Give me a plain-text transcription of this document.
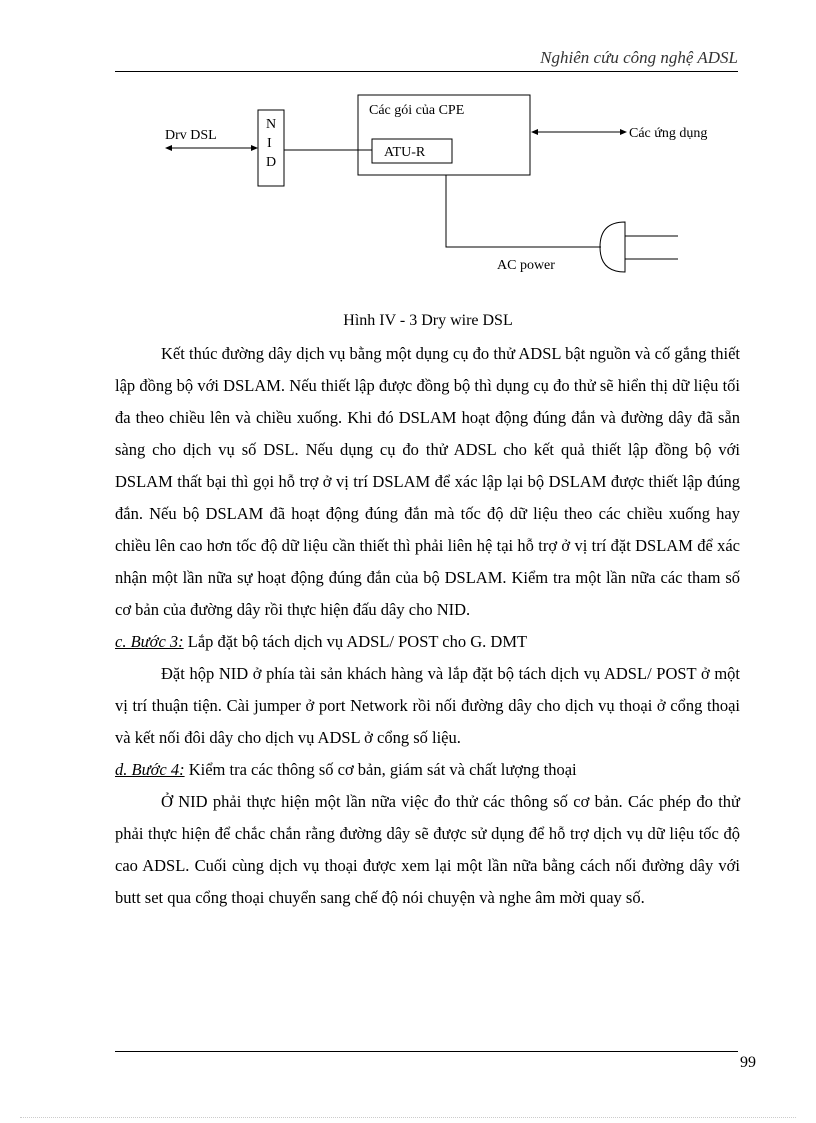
Nghiên cứu công nghệ ADSL
Drv DSL
N
I
D
Các gói của CPE
ATU-R
Các ứng dụng
AC power
Hình IV - 3 Dry wire DSL

Kết thúc đường dây dịch vụ bằng một dụng cụ đo thử ADSL bật nguồn và cố gắng thiết lập đồng bộ với DSLAM. Nếu thiết lập được đồng bộ thì dụng cụ đo thử sẽ hiển thị dữ liệu tối đa theo chiều lên và chiều xuống. Khi đó DSLAM hoạt động đúng đắn và đường dây đã sẵn sàng cho dịch vụ số DSL. Nếu dụng cụ đo thử ADSL cho kết quả thiết lập đồng bộ với DSLAM thất bại thì gọi hỗ trợ ở vị trí DSLAM để xác lập lại bộ DSLAM được thiết lập đúng đắn. Nếu bộ DSLAM đã hoạt động đúng đắn mà tốc độ dữ liệu theo các chiều xuống hay chiều lên cao hơn tốc độ dữ liệu cần thiết thì phải liên hệ tại hỗ trợ ở vị trí đặt DSLAM để xác nhận một lần nữa sự hoạt động đúng đắn của bộ DSLAM. Kiểm tra một lần nữa các tham số cơ bản của đường dây rồi thực hiện đấu dây cho NID.

c. Bước 3: Lắp đặt bộ tách dịch vụ ADSL/ POST cho G. DMT

Đặt hộp NID ở phía tài sản khách hàng và lắp đặt bộ tách dịch vụ ADSL/ POST ở một vị trí thuận tiện. Cài jumper ở port Network rồi nối đường dây cho dịch vụ thoại ở cổng thoại và kết nối đôi dây cho dịch vụ ADSL ở cổng số liệu.

d. Bước 4: Kiểm tra các thông số cơ bản, giám sát và chất lượng thoại

Ở NID phải thực hiện một lần nữa việc đo thử các thông số cơ bản. Các phép đo thử phải thực hiện để chắc chắn rằng đường dây sẽ được sử dụng để hỗ trợ dịch vụ dữ liệu tốc độ cao ADSL. Cuối cùng dịch vụ thoại được xem lại một lần nữa bằng cách nối đường dây với butt set qua cổng thoại chuyển sang chế độ nói chuyện và nghe âm mời quay số.

99
